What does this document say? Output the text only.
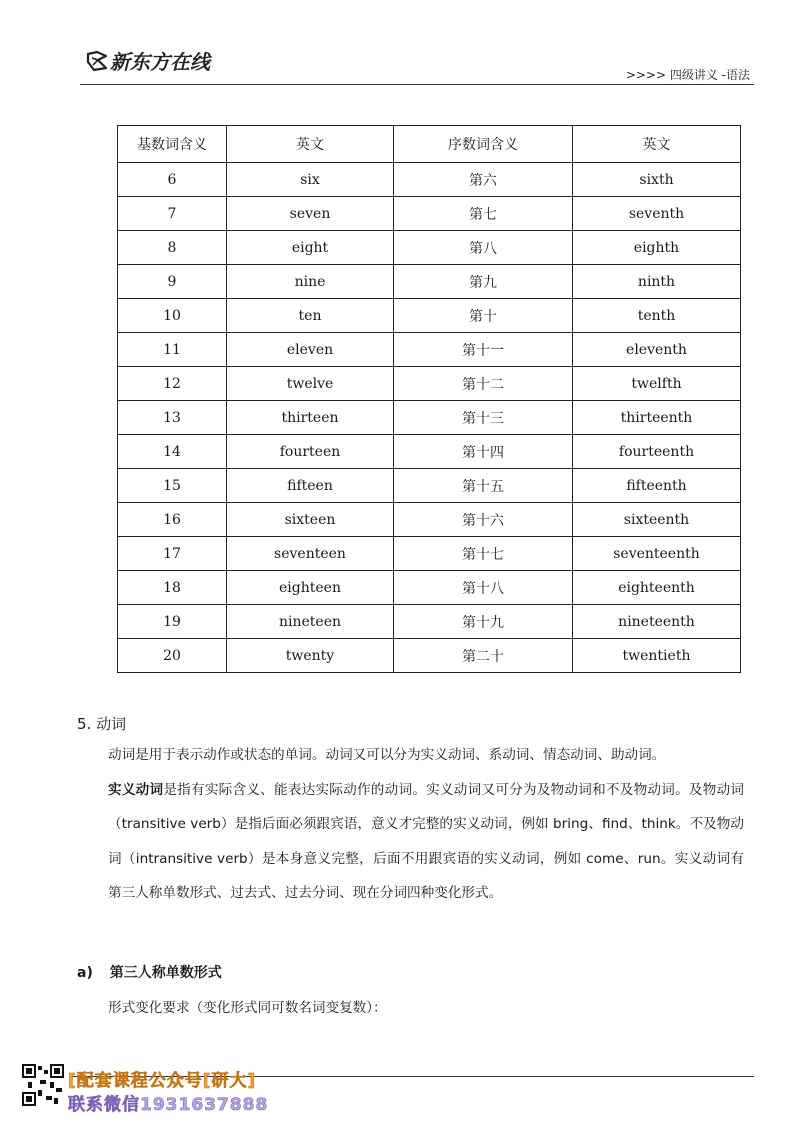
新东方在线
>>>> 四级讲义 -语法
基数词含义	英文	序数词含义	英文
6	six	第六	sixth
7	seven	第七	seventh
8	eight	第八	eighth
9	nine	第九	ninth
10	ten	第十	tenth
11	eleven	第十一	eleventh
12	twelve	第十二	twelfth
13	thirteen	第十三	thirteenth
14	fourteen	第十四	fourteenth
15	fifteen	第十五	fifteenth
16	sixteen	第十六	sixteenth
17	seventeen	第十七	seventeenth
18	eighteen	第十八	eighteenth
19	nineteen	第十九	nineteenth
20	twenty	第二十	twentieth
5. 动词
动词是用于表示动作或状态的单词。动词又可以分为实义动词、系动词、情态动词、助动词。
实义动词是指有实际含义、能表达实际动作的动词。实义动词又可分为及物动词和不及物动词。及物动词（transitive verb）是指后面必须跟宾语，意义才完整的实义动词，例如 bring、find、think。不及物动词（intransitive verb）是本身意义完整，后面不用跟宾语的实义动词，例如 come、run。实义动词有第三人称单数形式、过去式、过去分词、现在分词四种变化形式。
a) 第三人称单数形式
形式变化要求（变化形式同可数名词变复数）：
[配套课程公众号[研大]
联系微信1931637888
